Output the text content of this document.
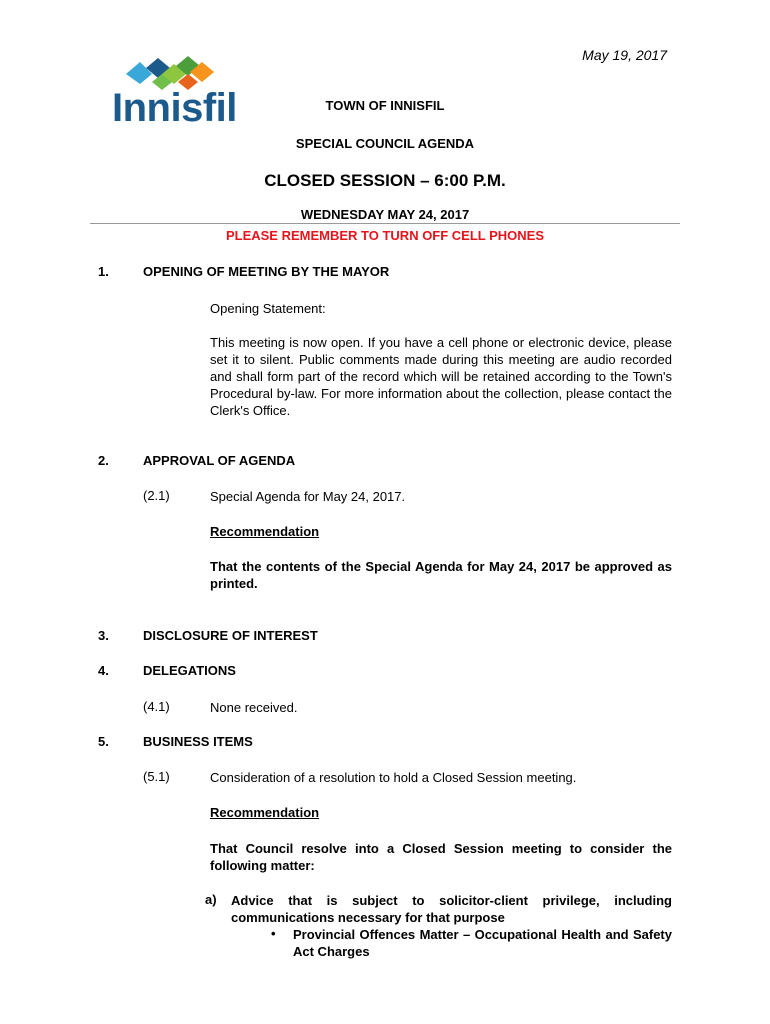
May 19, 2017
Innisfil	TOWN OF INNISFIL
SPECIAL COUNCIL AGENDA
CLOSED SESSION – 6:00 P.M.
WEDNESDAY MAY 24, 2017
PLEASE REMEMBER TO TURN OFF CELL PHONES
1.	OPENING OF MEETING BY THE MAYOR
Opening Statement:
This meeting is now open. If you have a cell phone or electronic device, please set it to silent. Public comments made during this meeting are audio recorded and shall form part of the record which will be retained according to the Town's Procedural by-law. For more information about the collection, please contact the Clerk's Office.
2.	APPROVAL OF AGENDA
(2.1)	Special Agenda for May 24, 2017.
Recommendation
That the contents of the Special Agenda for May 24, 2017 be approved as printed.
3.	DISCLOSURE OF INTEREST
4.	DELEGATIONS
(4.1)	None received.
5.	BUSINESS ITEMS
(5.1)	Consideration of a resolution to hold a Closed Session meeting.
Recommendation
That Council resolve into a Closed Session meeting to consider the following matter:
a) Advice that is subject to solicitor-client privilege, including communications necessary for that purpose
• Provincial Offences Matter – Occupational Health and Safety Act Charges
